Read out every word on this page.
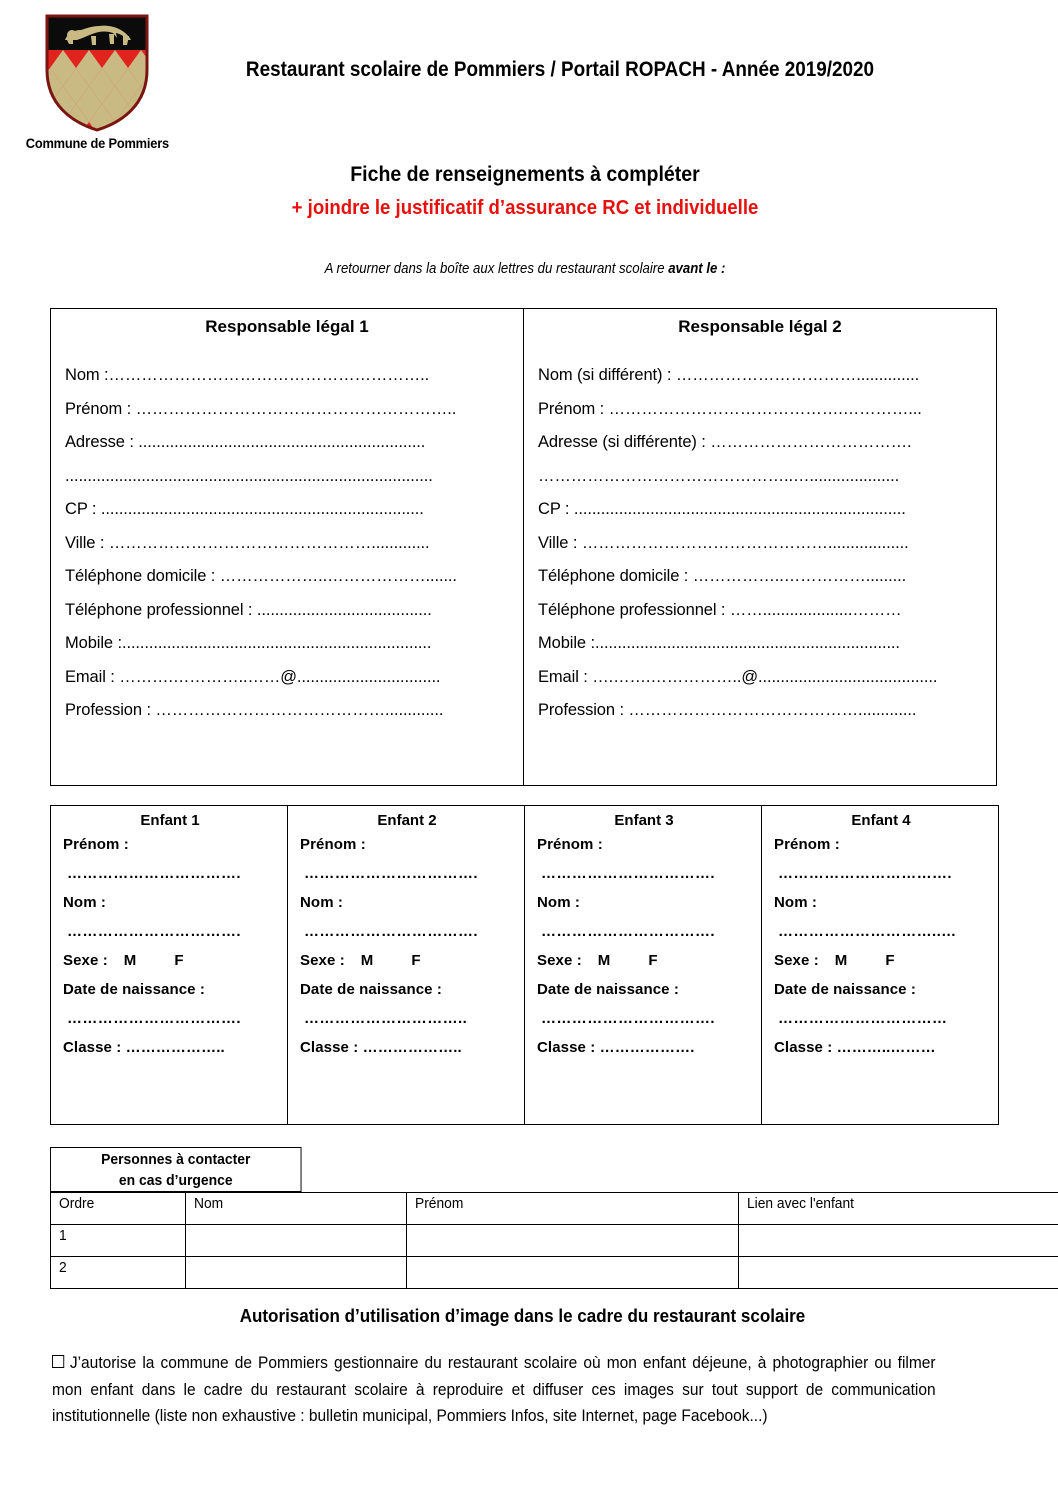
Commune de Pommiers
Restaurant scolaire de Pommiers / Portail ROPACH - Année 2019/2020
Fiche de renseignements à compléter
+ joindre le justificatif d’assurance RC et individuelle
A retourner dans la boîte aux lettres du restaurant scolaire avant le :
Responsable légal 1
Nom :…………………………………………………..
Prénom : …………………………………………………..
Adresse : ................................................................
..................................................................................
CP : ........................................................................
Ville : ………………………………………….............
Téléphone domicile : ………………..……………….......
Téléphone professionnel : .......................................
Mobile :.....................................................................
Email : ……….…………..……@................................
Profession : …………………………………….............

Responsable légal 2
Nom (si différent) : ……………………………..............
Prénom : …………………………………….…………...
Adresse (si différente) : ……………………………….
………………………………………..…....................
CP : ..........................................................................
Ville : ………………………………………..................
Téléphone domicile : ……………..…………….........
Téléphone professionnel : ……....................………
Mobile :....................................................................
Email : ….…….……………..@........................................
Profession : …………………………………….............
Enfant 1
Prénom :
…………………………….
Nom :
…………………………….
Sexe : M	F
Date de naissance :
…………………………….
Classe : ………………..

Enfant 2
Prénom :
…………………………….
Nom :
…………………………….
Sexe : M	F
Date de naissance :
…………………………..
Classe : ………………..

Enfant 3
Prénom :
…………………………….
Nom :
…………………………….
Sexe : M	F
Date de naissance :
…………………………….
Classe : ……………….

Enfant 4
Prénom :
…………………………….
Nom :
…………………………..…
Sexe : M	F
Date de naissance :
……………………………
Classe : ………..………
Personnes à contacter
en cas d’urgence
Ordre	Nom	Prénom	Lien avec l'enfant
1			
2			
Autorisation d’utilisation d’image dans le cadre du restaurant scolaire
J’autorise la commune de Pommiers gestionnaire du restaurant scolaire où mon enfant déjeune, à photographier ou filmer mon enfant dans le cadre du restaurant scolaire à reproduire et diffuser ces images sur tout support de communication institutionnelle (liste non exhaustive : bulletin municipal, Pommiers Infos, site Internet, page Facebook...)
